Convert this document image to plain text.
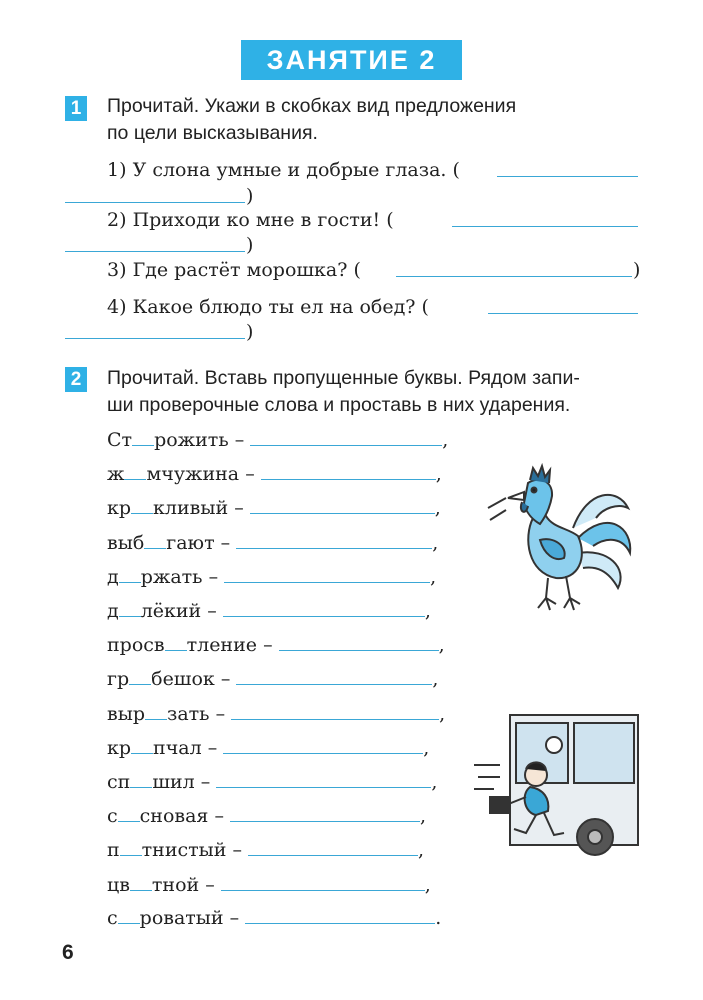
ЗАНЯТИЕ 2
1 Прочитай. Укажи в скобках вид предложения
по цели высказывания.
1) У слона умные и добрые глаза. (
)
2) Приходи ко мне в гости! (
)
3) Где растёт морошка? (	)
4) Какое блюдо ты ел на обед? (
)
2 Прочитай. Вставь пропущенные буквы. Рядом запи-
ши проверочные слова и проставь в них ударения.
Ст рожить –	,
ж мчужина –	,
кр кливый –	,
выб гают –	,
д ржать –	,
д лёкий –	,
просв тление –	,
гр бешок –	,
выр зать –	,
кр пчал –	,
сп шил –	,
с сновая –	,
п тнистый –	,
цв тной –	,
с роватый –	.
6
